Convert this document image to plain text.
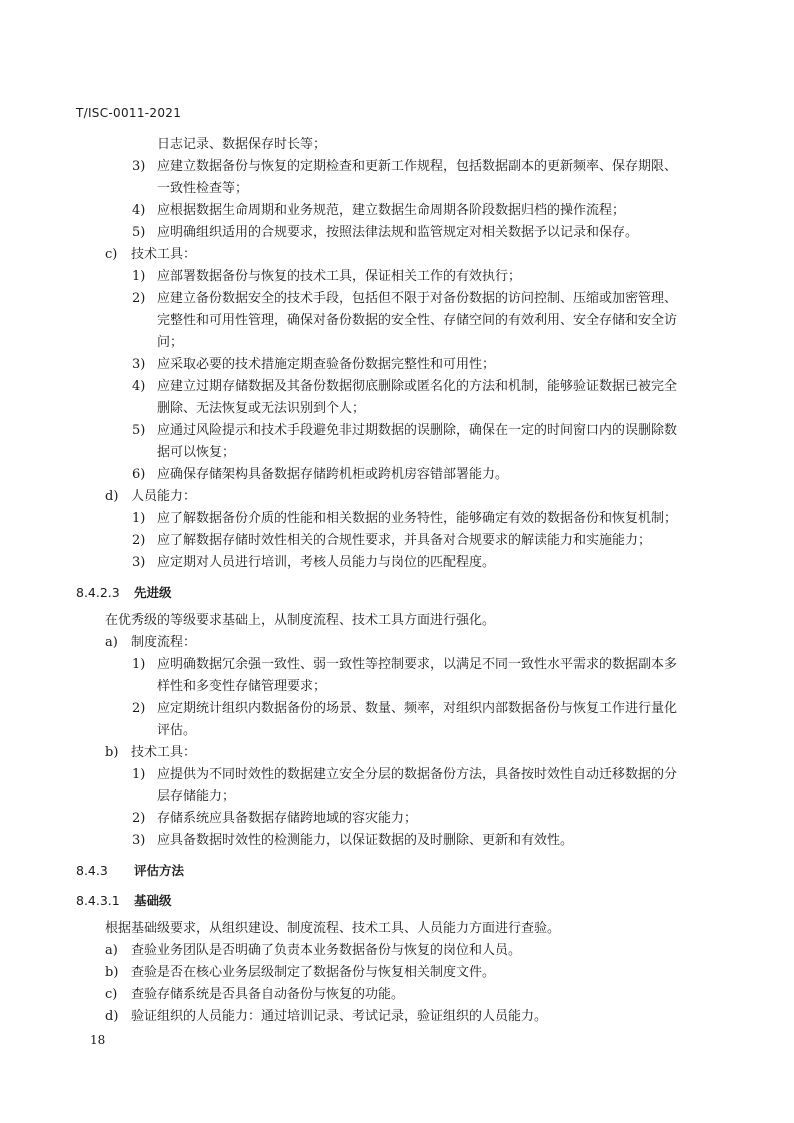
T/ISC-0011-2021
日志记录、数据保存时长等；
3) 应建立数据备份与恢复的定期检查和更新工作规程，包括数据副本的更新频率、保存期限、
一致性检查等；
4) 应根据数据生命周期和业务规范，建立数据生命周期各阶段数据归档的操作流程；
5) 应明确组织适用的合规要求，按照法律法规和监管规定对相关数据予以记录和保存。
c)	技术工具：
1) 应部署数据备份与恢复的技术工具，保证相关工作的有效执行；
2) 应建立备份数据安全的技术手段，包括但不限于对备份数据的访问控制、压缩或加密管理、
完整性和可用性管理，确保对备份数据的安全性、存储空间的有效利用、安全存储和安全访
问；
3) 应采取必要的技术措施定期查验备份数据完整性和可用性；
4) 应建立过期存储数据及其备份数据彻底删除或匿名化的方法和机制，能够验证数据已被完全
删除、无法恢复或无法识别到个人；
5) 应通过风险提示和技术手段避免非过期数据的误删除，确保在一定的时间窗口内的误删除数
据可以恢复；
6) 应确保存储架构具备数据存储跨机柜或跨机房容错部署能力。
d) 人员能力：
1) 应了解数据备份介质的性能和相关数据的业务特性，能够确定有效的数据备份和恢复机制；
2) 应了解数据存储时效性相关的合规性要求，并具备对合规要求的解读能力和实施能力；
3) 应定期对人员进行培训，考核人员能力与岗位的匹配程度。
8.4.2.3	先进级
在优秀级的等级要求基础上，从制度流程、技术工具方面进行强化。
a)	制度流程：
1) 应明确数据冗余强一致性、弱一致性等控制要求，以满足不同一致性水平需求的数据副本多
样性和多变性存储管理要求；
2) 应定期统计组织内数据备份的场景、数量、频率，对组织内部数据备份与恢复工作进行量化
评估。
b) 技术工具：
1) 应提供为不同时效性的数据建立安全分层的数据备份方法，具备按时效性自动迁移数据的分
层存储能力；
2) 存储系统应具备数据存储跨地域的容灾能力；
3) 应具备数据时效性的检测能力，以保证数据的及时删除、更新和有效性。
8.4.3	评估方法
8.4.3.1	基础级
根据基础级要求，从组织建设、制度流程、技术工具、人员能力方面进行查验。
a)	查验业务团队是否明确了负责本业务数据备份与恢复的岗位和人员。
b) 查验是否在核心业务层级制定了数据备份与恢复相关制度文件。
c)	查验存储系统是否具备自动备份与恢复的功能。
d) 验证组织的人员能力：通过培训记录、考试记录，验证组织的人员能力。
18
